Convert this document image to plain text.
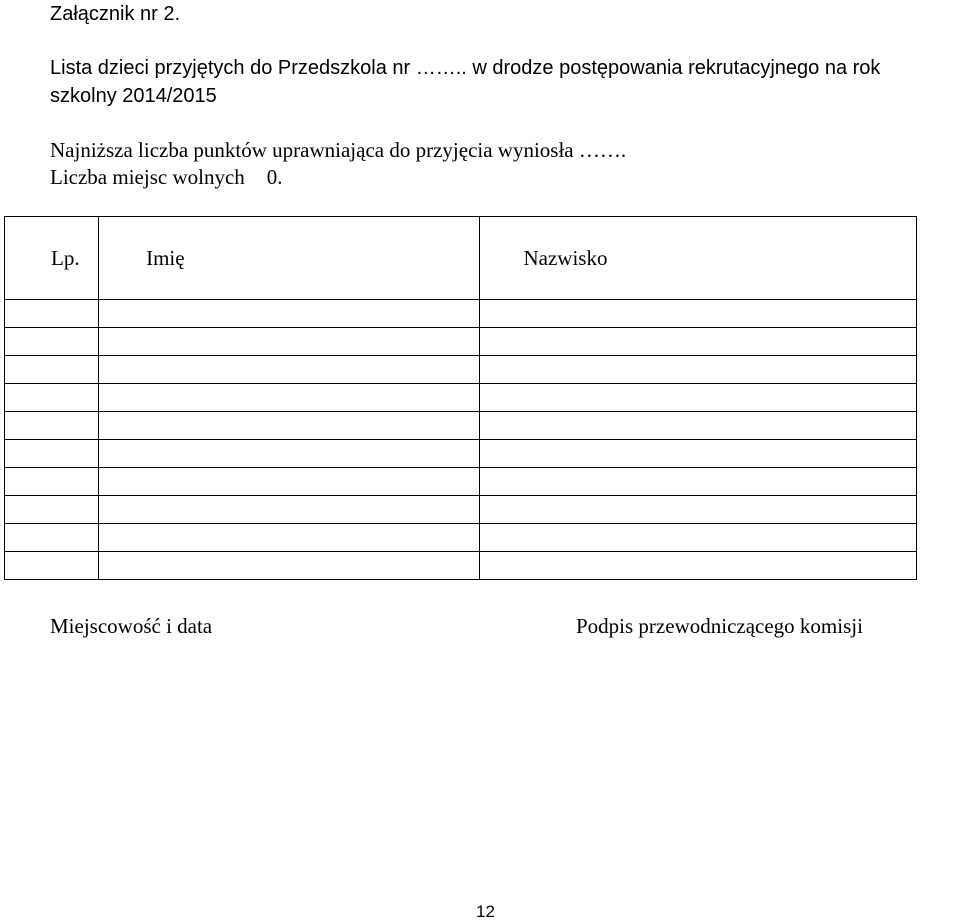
Załącznik nr 2.

Lista dzieci przyjętych do Przedszkola nr …….. w drodze postępowania rekrutacyjnego na rok

szkolny 2014/2015

Najniższa liczba punktów uprawniająca do przyjęcia wyniosła …….

Liczba miejsc wolnych 0.

Lp.	Imię	Nazwisko

Miejscowość i data	Podpis przewodniczącego komisji

12
